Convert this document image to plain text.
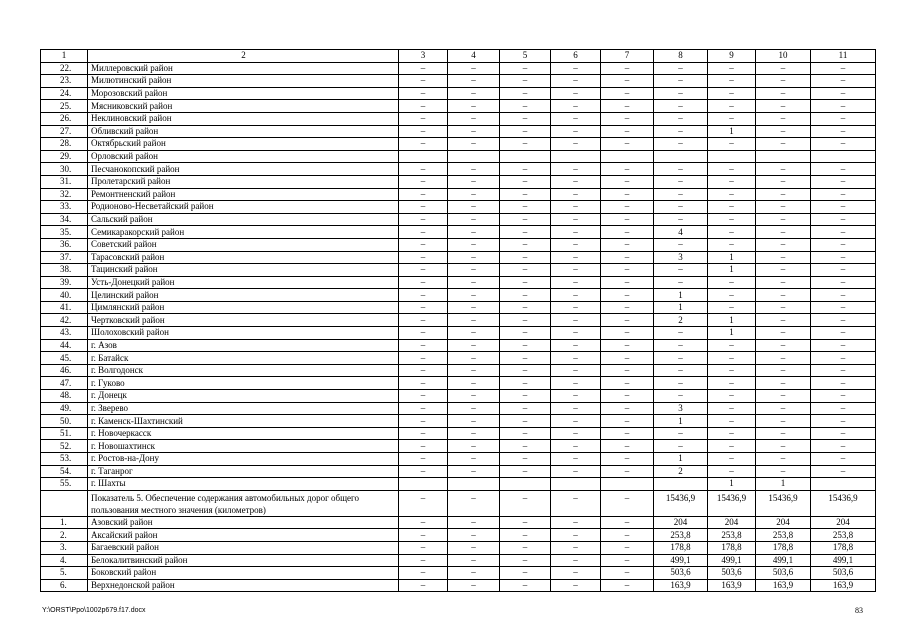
1	2	3	4	5	6	7	8	9	10	11
22.	Миллеровский район	–	–	–	–	–	–	–	–	–
23.	Милютинский район	–	–	–	–	–	–	–	–	–
24.	Морозовский район	–	–	–	–	–	–	–	–	–
25.	Мясниковский район	–	–	–	–	–	–	–	–	–
26.	Неклиновский район	–	–	–	–	–	–	–	–	–
27.	Обливский район	–	–	–	–	–	–	1	–	–
28.	Октябрьский район	–	–	–	–	–	–	–	–	–
29.	Орловский район									
30.	Песчанокопский район	–	–	–	–	–	–	–	–	–
31.	Пролетарский район	–	–	–	–	–	–	–	–	–
32.	Ремонтненский район	–	–	–	–	–	–	–	–	–
33.	Родионово-Несветайский район	–	–	–	–	–	–	–	–	–
34.	Сальский район	–	–	–	–	–	–	–	–	–
35.	Семикаракорский район	–	–	–	–	–	4	–	–	–
36.	Советский район	–	–	–	–	–	–	–	–	–
37.	Тарасовский район	–	–	–	–	–	3	1	–	–
38.	Тацинский район	–	–	–	–	–	–	1	–	–
39.	Усть-Донецкий район	–	–	–	–	–	–	–	–	–
40.	Целинский район	–	–	–	–	–	1	–	–	–
41.	Цимлянский район	–	–	–	–	–	1	–	–	–
42.	Чертковский район	–	–	–	–	–	2	1	–	–
43.	Шолоховский район	–	–	–	–	–	–	1	–	–
44.	г. Азов	–	–	–	–	–	–	–	–	–
45.	г. Батайск	–	–	–	–	–	–	–	–	–
46.	г. Волгодонск	–	–	–	–	–	–	–	–	–
47.	г. Гуково	–	–	–	–	–	–	–	–	–
48.	г. Донецк	–	–	–	–	–	–	–	–	–
49.	г. Зверево	–	–	–	–	–	3	–	–	–
50.	г. Каменск-Шахтинский	–	–	–	–	–	1	–	–	–
51.	г. Новочеркасск	–	–	–	–	–	–	–	–	–
52.	г. Новошахтинск	–	–	–	–	–	–	–	–	–
53.	г. Ростов-на-Дону	–	–	–	–	–	1	–	–	–
54.	г. Таганрог	–	–	–	–	–	2	–	–	–
55.	г. Шахты							1	1	
	Показатель 5. Обеспечение содержания автомобильных дорог общего пользования местного значения (километров)	–	–	–	–	–	15436,9	15436,9	15436,9	15436,9
1.	Азовский район	–	–	–	–	–	204	204	204	204
2.	Аксайский район	–	–	–	–	–	253,8	253,8	253,8	253,8
3.	Багаевский район	–	–	–	–	–	178,8	178,8	178,8	178,8
4.	Белокалитвинский район	–	–	–	–	–	499,1	499,1	499,1	499,1
5.	Боковский район	–	–	–	–	–	503,6	503,6	503,6	503,6
6.	Верхнедонской район	–	–	–	–	–	163,9	163,9	163,9	163,9
Y:\ORST\Ppo\1002p679.f17.docx	83
